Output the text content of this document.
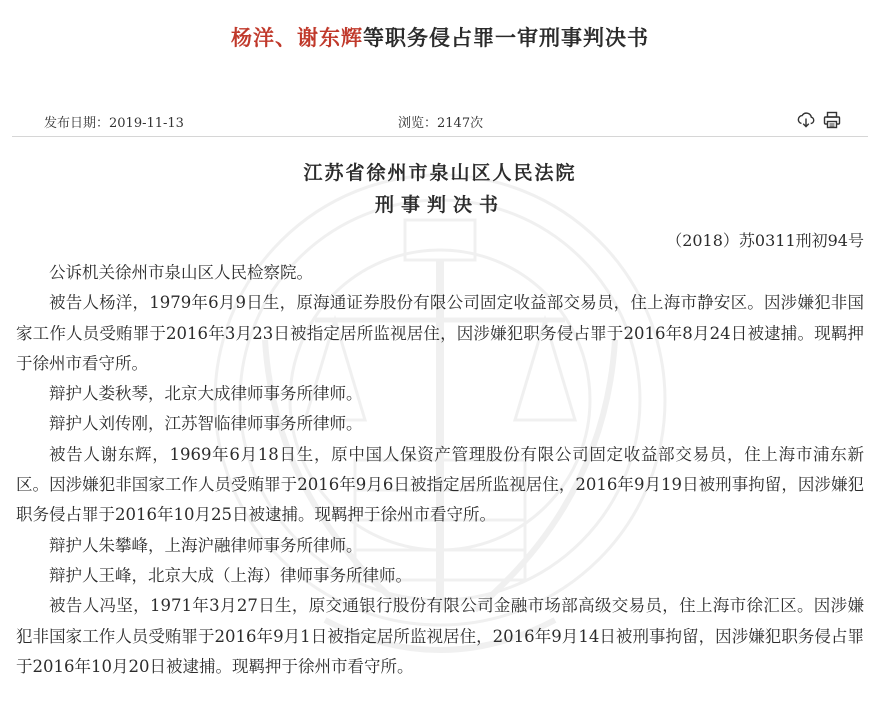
杨洋、谢东辉等职务侵占罪一审刑事判决书
发布日期：2019-11-13	浏览：2147次
江苏省徐州市泉山区人民法院
刑事判决书
（2018）苏0311刑初94号

公诉机关徐州市泉山区人民检察院。

被告人杨洋，1979年6月9日生，原海通证券股份有限公司固定收益部交易员，住上海市静安区。因涉嫌犯非国家工作人员受贿罪于2016年3月23日被指定居所监视居住，因涉嫌犯职务侵占罪于2016年8月24日被逮捕。现羁押于徐州市看守所。

辩护人娄秋琴，北京大成律师事务所律师。

辩护人刘传刚，江苏智临律师事务所律师。

被告人谢东辉，1969年6月18日生，原中国人保资产管理股份有限公司固定收益部交易员，住上海市浦东新区。因涉嫌犯非国家工作人员受贿罪于2016年9月6日被指定居所监视居住，2016年9月19日被刑事拘留，因涉嫌犯职务侵占罪于2016年10月25日被逮捕。现羁押于徐州市看守所。

辩护人朱攀峰，上海沪融律师事务所律师。

辩护人王峰，北京大成（上海）律师事务所律师。

被告人冯坚，1971年3月27日生，原交通银行股份有限公司金融市场部高级交易员，住上海市徐汇区。因涉嫌犯非国家工作人员受贿罪于2016年9月1日被指定居所监视居住，2016年9月14日被刑事拘留，因涉嫌犯职务侵占罪于2016年10月20日被逮捕。现羁押于徐州市看守所。
